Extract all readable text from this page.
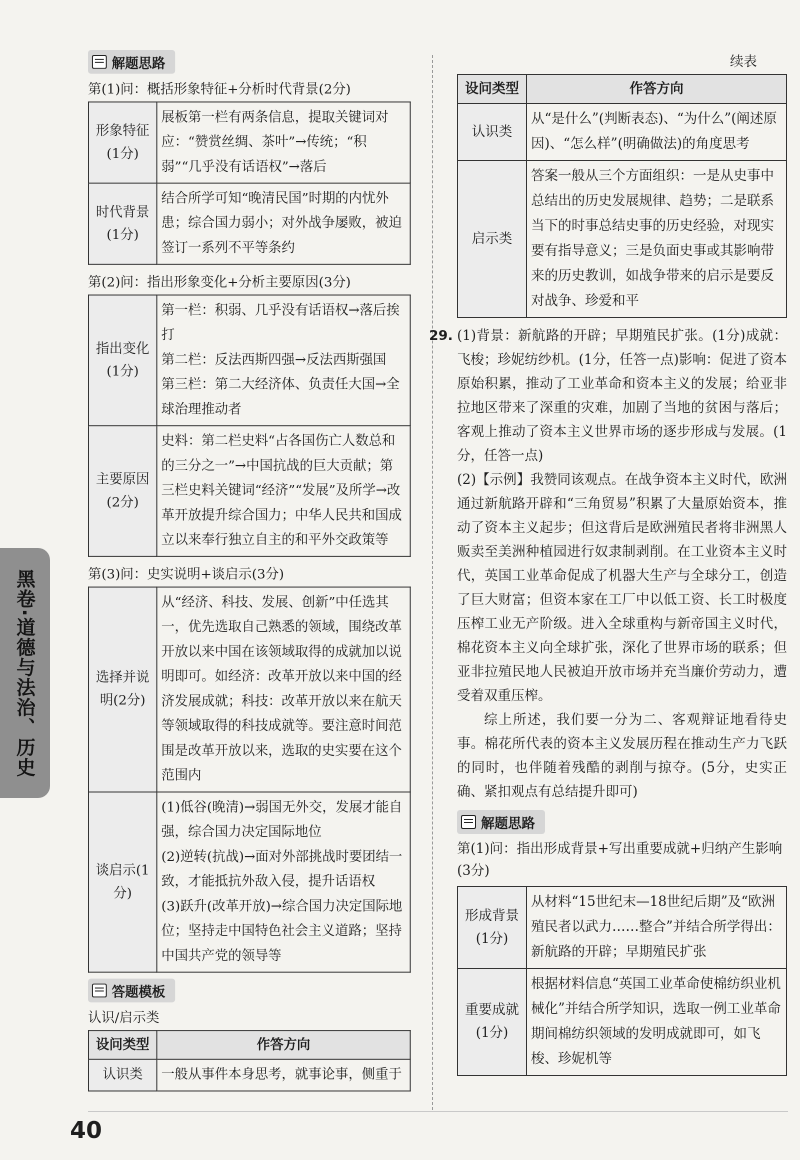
解题思路
第(1)问：概括形象特征+分析时代背景(2分)
形象特征(1分)	展板第一栏有两条信息，提取关键词对应：“赞赏丝绸、茶叶”→传统；“积弱”“几乎没有话语权”→落后
时代背景(1分)	结合所学可知“晚清民国”时期的内忧外患；综合国力弱小；对外战争屡败，被迫签订一系列不平等条约
第(2)问：指出形象变化+分析主要原因(3分)
指出变化(1分)	第一栏：积弱、几乎没有话语权→落后挨打
第二栏：反法西斯四强→反法西斯强国
第三栏：第二大经济体、负责任大国→全球治理推动者

主要原因(2分)	史料：第二栏史料“占各国伤亡人数总和的三分之一”→中国抗战的巨大贡献；第三栏史料关键词“经济”“发展”及所学→改革开放提升综合国力；中华人民共和国成立以来奉行独立自主的和平外交政策等
第(3)问：史实说明+谈启示(3分)
选择并说明(2分)	从“经济、科技、发展、创新”中任选其一，优先选取自己熟悉的领域，围绕改革开放以来中国在该领域取得的成就加以说明即可。如经济：改革开放以来中国的经济发展成就；科技：改革开放以来在航天等领域取得的科技成就等。要注意时间范围是改革开放以来，选取的史实要在这个范围内

谈启示(1分)	(1)低谷(晚清)→弱国无外交，发展才能自强，综合国力决定国际地位
(2)逆转(抗战)→面对外部挑战时要团结一致，才能抵抗外敌入侵，提升话语权
(3)跃升(改革开放)→综合国力决定国际地位；坚持走中国特色社会主义道路；坚持中国共产党的领导等
答题模板
认识/启示类
设问类型	作答方向
认识类	一般从事件本身思考，就事论事，侧重于
续表
设问类型	作答方向
认识类	从“是什么”(判断表态)、“为什么”(阐述原因)、“怎么样”(明确做法)的角度思考
启示类	答案一般从三个方面组织：一是从史事中总结出的历史发展规律、趋势；二是联系当下的时事总结史事的历史经验，对现实要有指导意义；三是负面史事或其影响带来的历史教训，如战争带来的启示是要反对战争、珍爱和平
29. (1)背景：新航路的开辟；早期殖民扩张。(1分)成就：飞梭；珍妮纺纱机。(1分，任答一点)影响：促进了资本原始积累，推动了工业革命和资本主义的发展；给亚非拉地区带来了深重的灾难，加剧了当地的贫困与落后；客观上推动了资本主义世界市场的逐步形成与发展。(1分，任答一点)

(2)【示例】我赞同该观点。在战争资本主义时代，欧洲通过新航路开辟和“三角贸易”积累了大量原始资本，推动了资本主义起步；但这背后是欧洲殖民者将非洲黑人贩卖至美洲种植园进行奴隶制剥削。在工业资本主义时代，英国工业革命促成了机器大生产与全球分工，创造了巨大财富；但资本家在工厂中以低工资、长工时极度压榨工业无产阶级。进入全球重构与新帝国主义时代，棉花资本主义向全球扩张，深化了世界市场的联系；但亚非拉殖民地人民被迫开放市场并充当廉价劳动力，遭受着双重压榨。

综上所述，我们要一分为二、客观辩证地看待史事。棉花所代表的资本主义发展历程在推动生产力飞跃的同时，也伴随着残酷的剥削与掠夺。(5分，史实正确、紧扣观点有总结提升即可)

解题思路
第(1)问：指出形成背景+写出重要成就+归纳产生影响(3分)
形成背景(1分)	从材料“15世纪末—18世纪后期”及“欧洲殖民者以武力……整合”并结合所学得出：新航路的开辟；早期殖民扩张
重要成就(1分)	根据材料信息“英国工业革命使棉纺织业机械化”并结合所学知识，选取一例工业革命期间棉纺织领域的发明成就即可，如飞梭、珍妮机等
黑卷·道德与法治、历史
40
